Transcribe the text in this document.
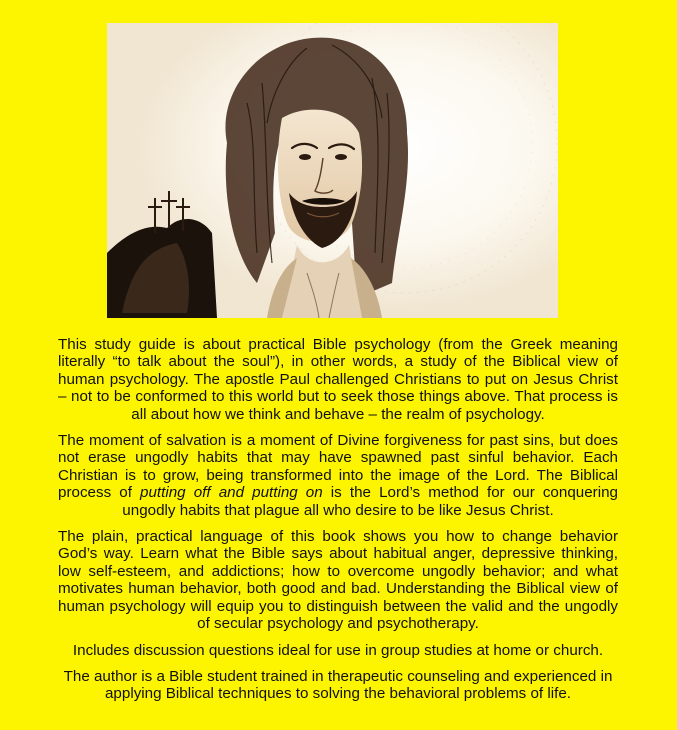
This study guide is about practical Bible psychology (from the Greek meaning literally “to talk about the soul”), in other words, a study of the Biblical view of human psychology. The apostle Paul challenged Christians to put on Jesus Christ – not to be conformed to this world but to seek those things above. That process is all about how we think and behave – the realm of psychology.

The moment of salvation is a moment of Divine forgiveness for past sins, but does not erase ungodly habits that may have spawned past sinful behavior. Each Christian is to grow, being transformed into the image of the Lord. The Biblical process of putting off and putting on is the Lord’s method for our conquering ungodly habits that plague all who desire to be like Jesus Christ.

The plain, practical language of this book shows you how to change behavior God’s way. Learn what the Bible says about habitual anger, depressive thinking, low self-esteem, and addictions; how to overcome ungodly behavior; and what motivates human behavior, both good and bad. Understanding the Biblical view of human psychology will equip you to distinguish between the valid and the ungodly of secular psychology and psychotherapy.

Includes discussion questions ideal for use in group studies at home or church.

The author is a Bible student trained in therapeutic counseling and experienced in applying Biblical techniques to solving the behavioral problems of life.
